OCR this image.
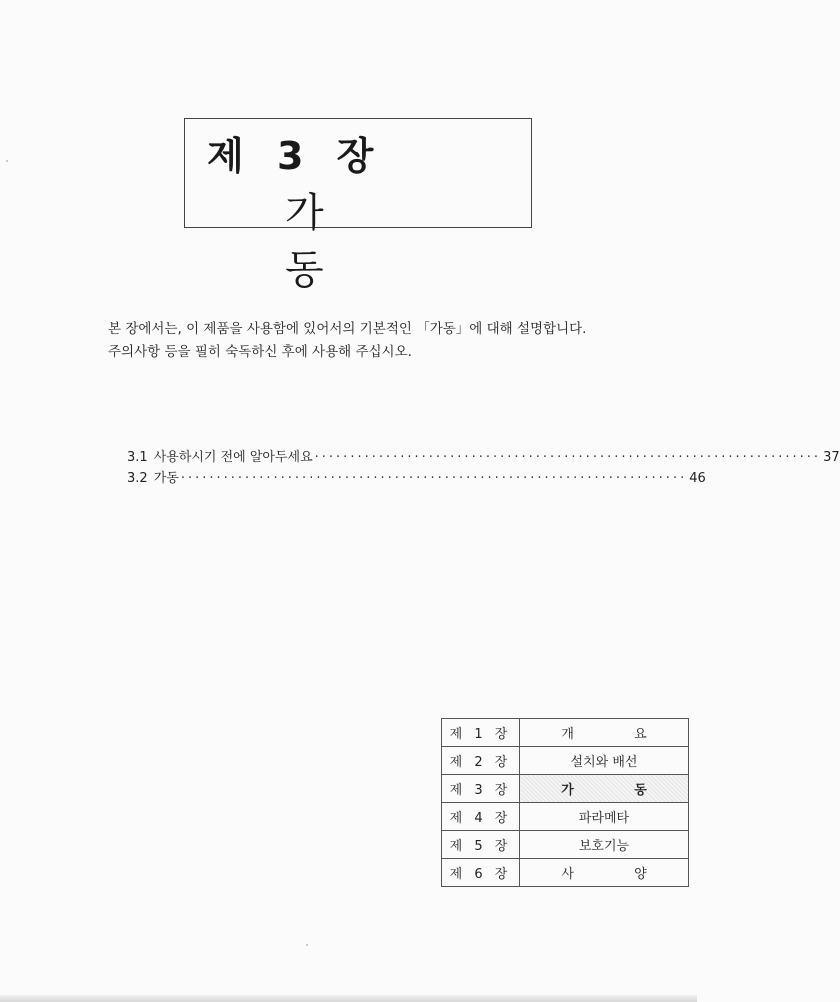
제 3 장
가 동

본 장에서는, 이 제품을 사용함에 있어서의 기본적인 「가동」에 대해 설명합니다.

주의사항 등을 필히 숙독하신 후에 사용해 주십시오.

3.1 사용하시기 전에 알아두세요 ······································································· 37
3.2 가동 ······································································· 46
제 1 장	개 요
제 2 장	설치와 배선
제 3 장	가 동
제 4 장	파라메타
제 5 장	보호기능
제 6 장	사 양
